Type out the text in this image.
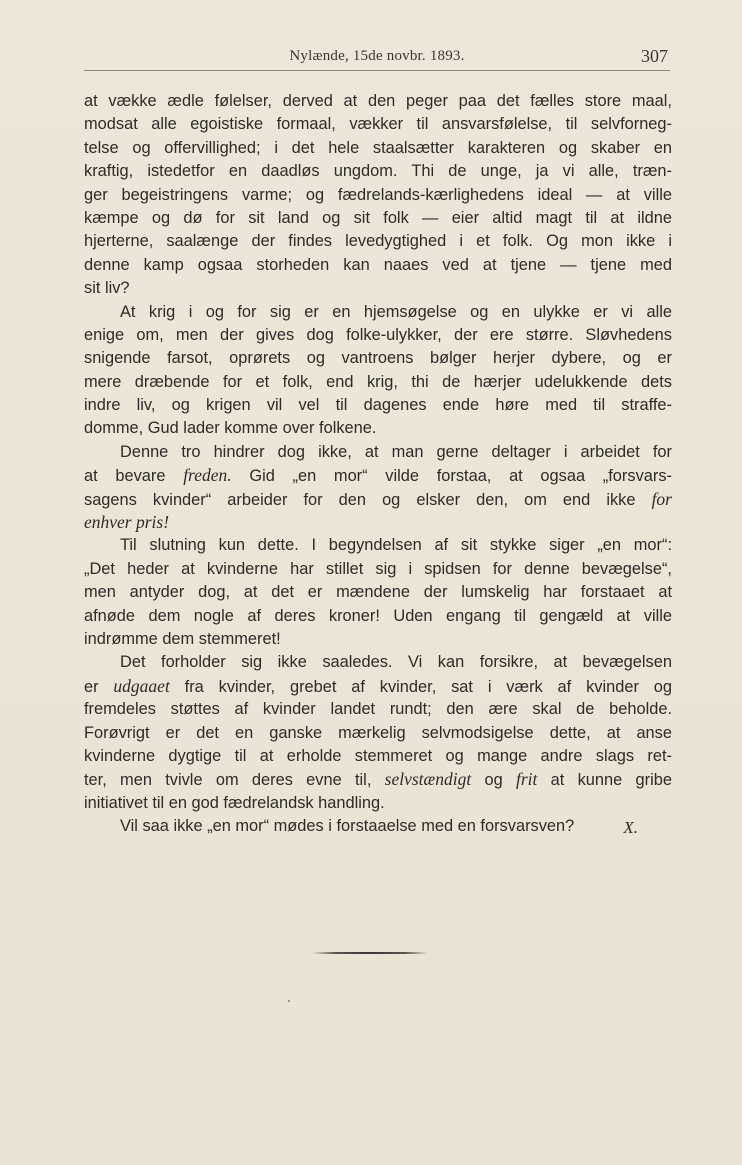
Nylænde, 15de novbr. 1893.	307
at vække ædle følelser, derved at den peger paa det fælles store maal,
modsat alle egoistiske formaal, vækker til ansvarsfølelse, til selvforneg-
telse og offervillighed; i det hele staalsætter karakteren og skaber en
kraftig, istedetfor en daadløs ungdom. Thi de unge, ja vi alle, træn-
ger begeistringens varme; og fædrelands-kærlighedens ideal — at ville
kæmpe og dø for sit land og sit folk — eier altid magt til at ildne
hjerterne, saalænge der findes levedygtighed i et folk. Og mon ikke i
denne kamp ogsaa storheden kan naaes ved at tjene — tjene med
sit liv?
At krig i og for sig er en hjemsøgelse og en ulykke er vi alle
enige om, men der gives dog folke-ulykker, der ere større. Sløvhedens
snigende farsot, oprørets og vantroens bølger herjer dybere, og er
mere dræbende for et folk, end krig, thi de hærjer udelukkende dets
indre liv, og krigen vil vel til dagenes ende høre med til straffe-
domme, Gud lader komme over folkene.
Denne tro hindrer dog ikke, at man gerne deltager i arbeidet for
at bevare freden. Gid „en mor“ vilde forstaa, at ogsaa „forsvars-
sagens kvinder“ arbeider for den og elsker den, om end ikke for
enhver pris!
Til slutning kun dette. I begyndelsen af sit stykke siger „en mor“:
„Det heder at kvinderne har stillet sig i spidsen for denne bevægelse“,
men antyder dog, at det er mændene der lumskelig har forstaaet at
afnøde dem nogle af deres kroner! Uden engang til gengæld at ville
indrømme dem stemmeret!
Det forholder sig ikke saaledes. Vi kan forsikre, at bevægelsen
er udgaaet fra kvinder, grebet af kvinder, sat i værk af kvinder og
fremdeles støttes af kvinder landet rundt; den ære skal de beholde.
Forøvrigt er det en ganske mærkelig selvmodsigelse dette, at anse
kvinderne dygtige til at erholde stemmeret og mange andre slags ret-
ter, men tvivle om deres evne til, selvstændigt og frit at kunne gribe
initiativet til en god fædrelandsk handling.
Vil saa ikke „en mor“ mødes i forstaaelse med en forsvarsven?	X.
